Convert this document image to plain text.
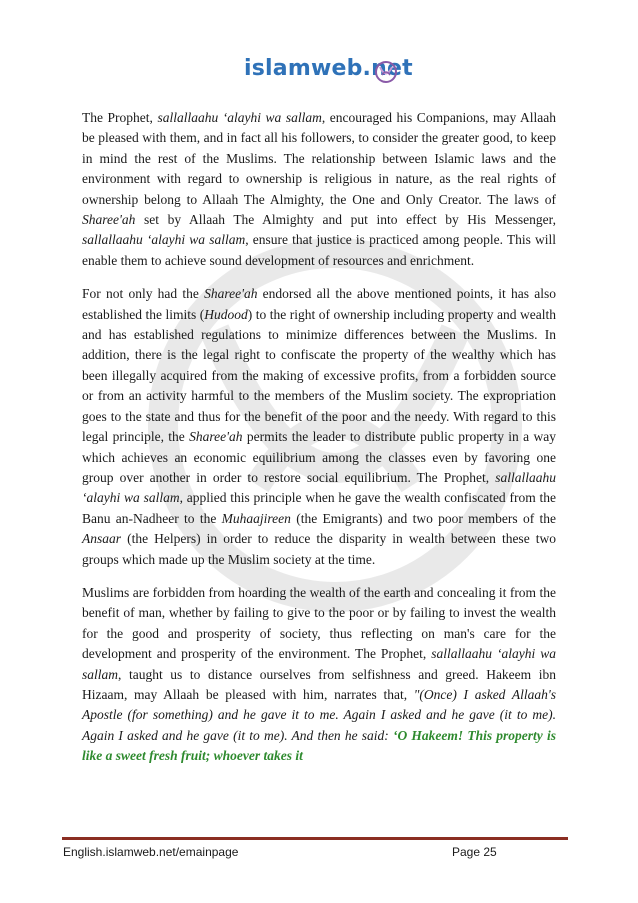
islamweb.net

The Prophet, sallallaahu ‘alayhi wa sallam, encouraged his Companions, may Allaah be pleased with them, and in fact all his followers, to consider the greater good, to keep in mind the rest of the Muslims. The relationship between Islamic laws and the environment with regard to ownership is religious in nature, as the real rights of ownership belong to Allaah The Almighty, the One and Only Creator. The laws of Sharee'ah set by Allaah The Almighty and put into effect by His Messenger, sallallaahu ‘alayhi wa sallam, ensure that justice is practiced among people. This will enable them to achieve sound development of resources and enrichment.

For not only had the Sharee'ah endorsed all the above mentioned points, it has also established the limits (Hudood) to the right of ownership including property and wealth and has established regulations to minimize differences between the Muslims. In addition, there is the legal right to confiscate the property of the wealthy which has been illegally acquired from the making of excessive profits, from a forbidden source or from an activity harmful to the members of the Muslim society. The expropriation goes to the state and thus for the benefit of the poor and the needy. With regard to this legal principle, the Sharee'ah permits the leader to distribute public property in a way which achieves an economic equilibrium among the classes even by favoring one group over another in order to restore social equilibrium. The Prophet, sallallaahu ‘alayhi wa sallam, applied this principle when he gave the wealth confiscated from the Banu an-Nadheer to the Muhaajireen (the Emigrants) and two poor members of the Ansaar (the Helpers) in order to reduce the disparity in wealth between these two groups which made up the Muslim society at the time.

Muslims are forbidden from hoarding the wealth of the earth and concealing it from the benefit of man, whether by failing to give to the poor or by failing to invest the wealth for the good and prosperity of society, thus reflecting on man's care for the development and prosperity of the environment. The Prophet, sallallaahu ‘alayhi wa sallam, taught us to distance ourselves from selfishness and greed. Hakeem ibn Hizaam, may Allaah be pleased with him, narrates that, "(Once) I asked Allaah's Apostle (for something) and he gave it to me. Again I asked and he gave (it to me). Again I asked and he gave (it to me). And then he said: ‘O Hakeem! This property is like a sweet fresh fruit; whoever takes it

English.islamweb.net/emainpage	Page 25
